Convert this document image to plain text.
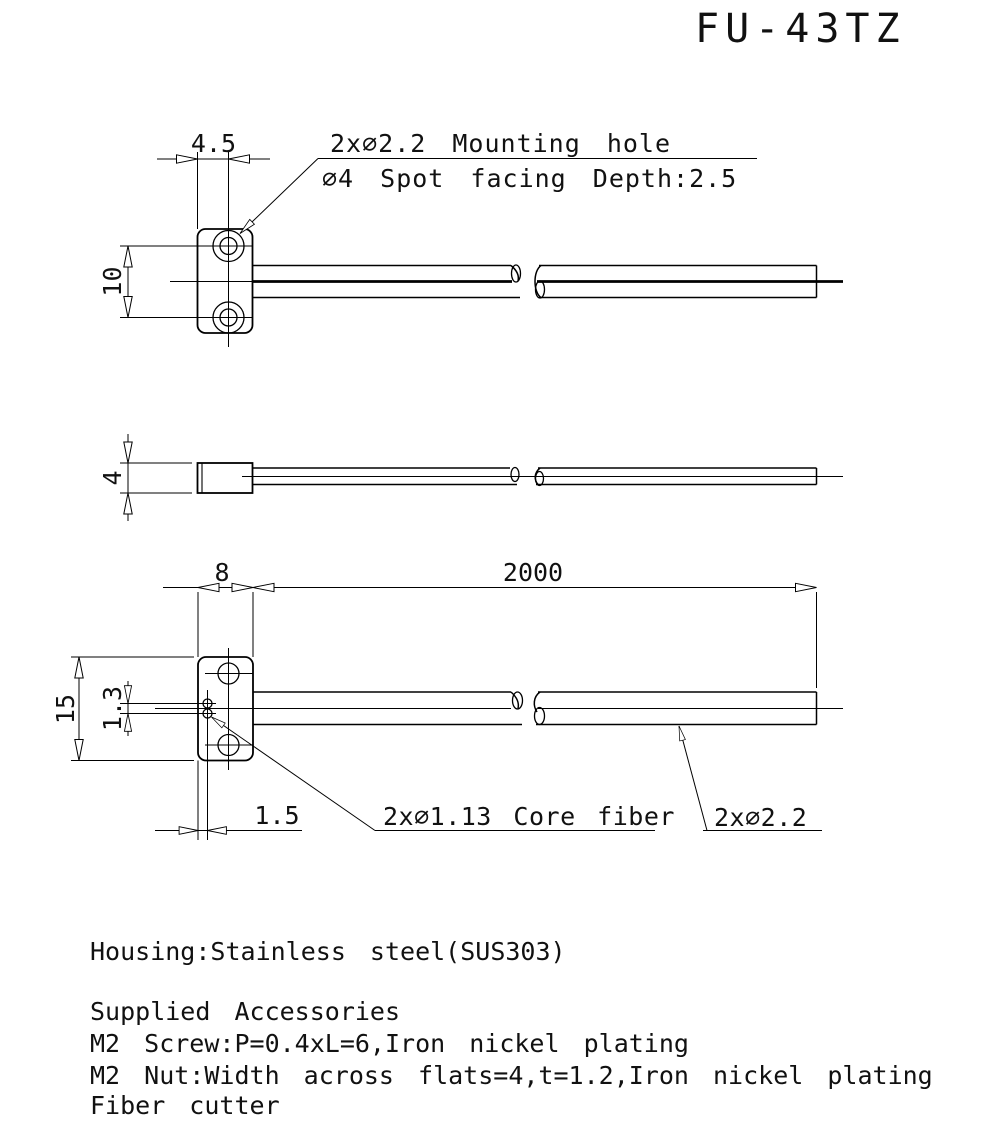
FU-43TZ
4.5
10
2x∅2.2 Mounting hole
∅4 Spot facing Depth:2.5
4
8	2000
15 1.3
1.5	2x∅1.13 Core fiber 2x∅2.2
Housing:Stainless steel(SUS303)
Supplied Accessories
M2 Screw:P=0.4xL=6,Iron nickel plating
M2 Nut:Width across flats=4,t=1.2,Iron nickel plating
Fiber cutter
